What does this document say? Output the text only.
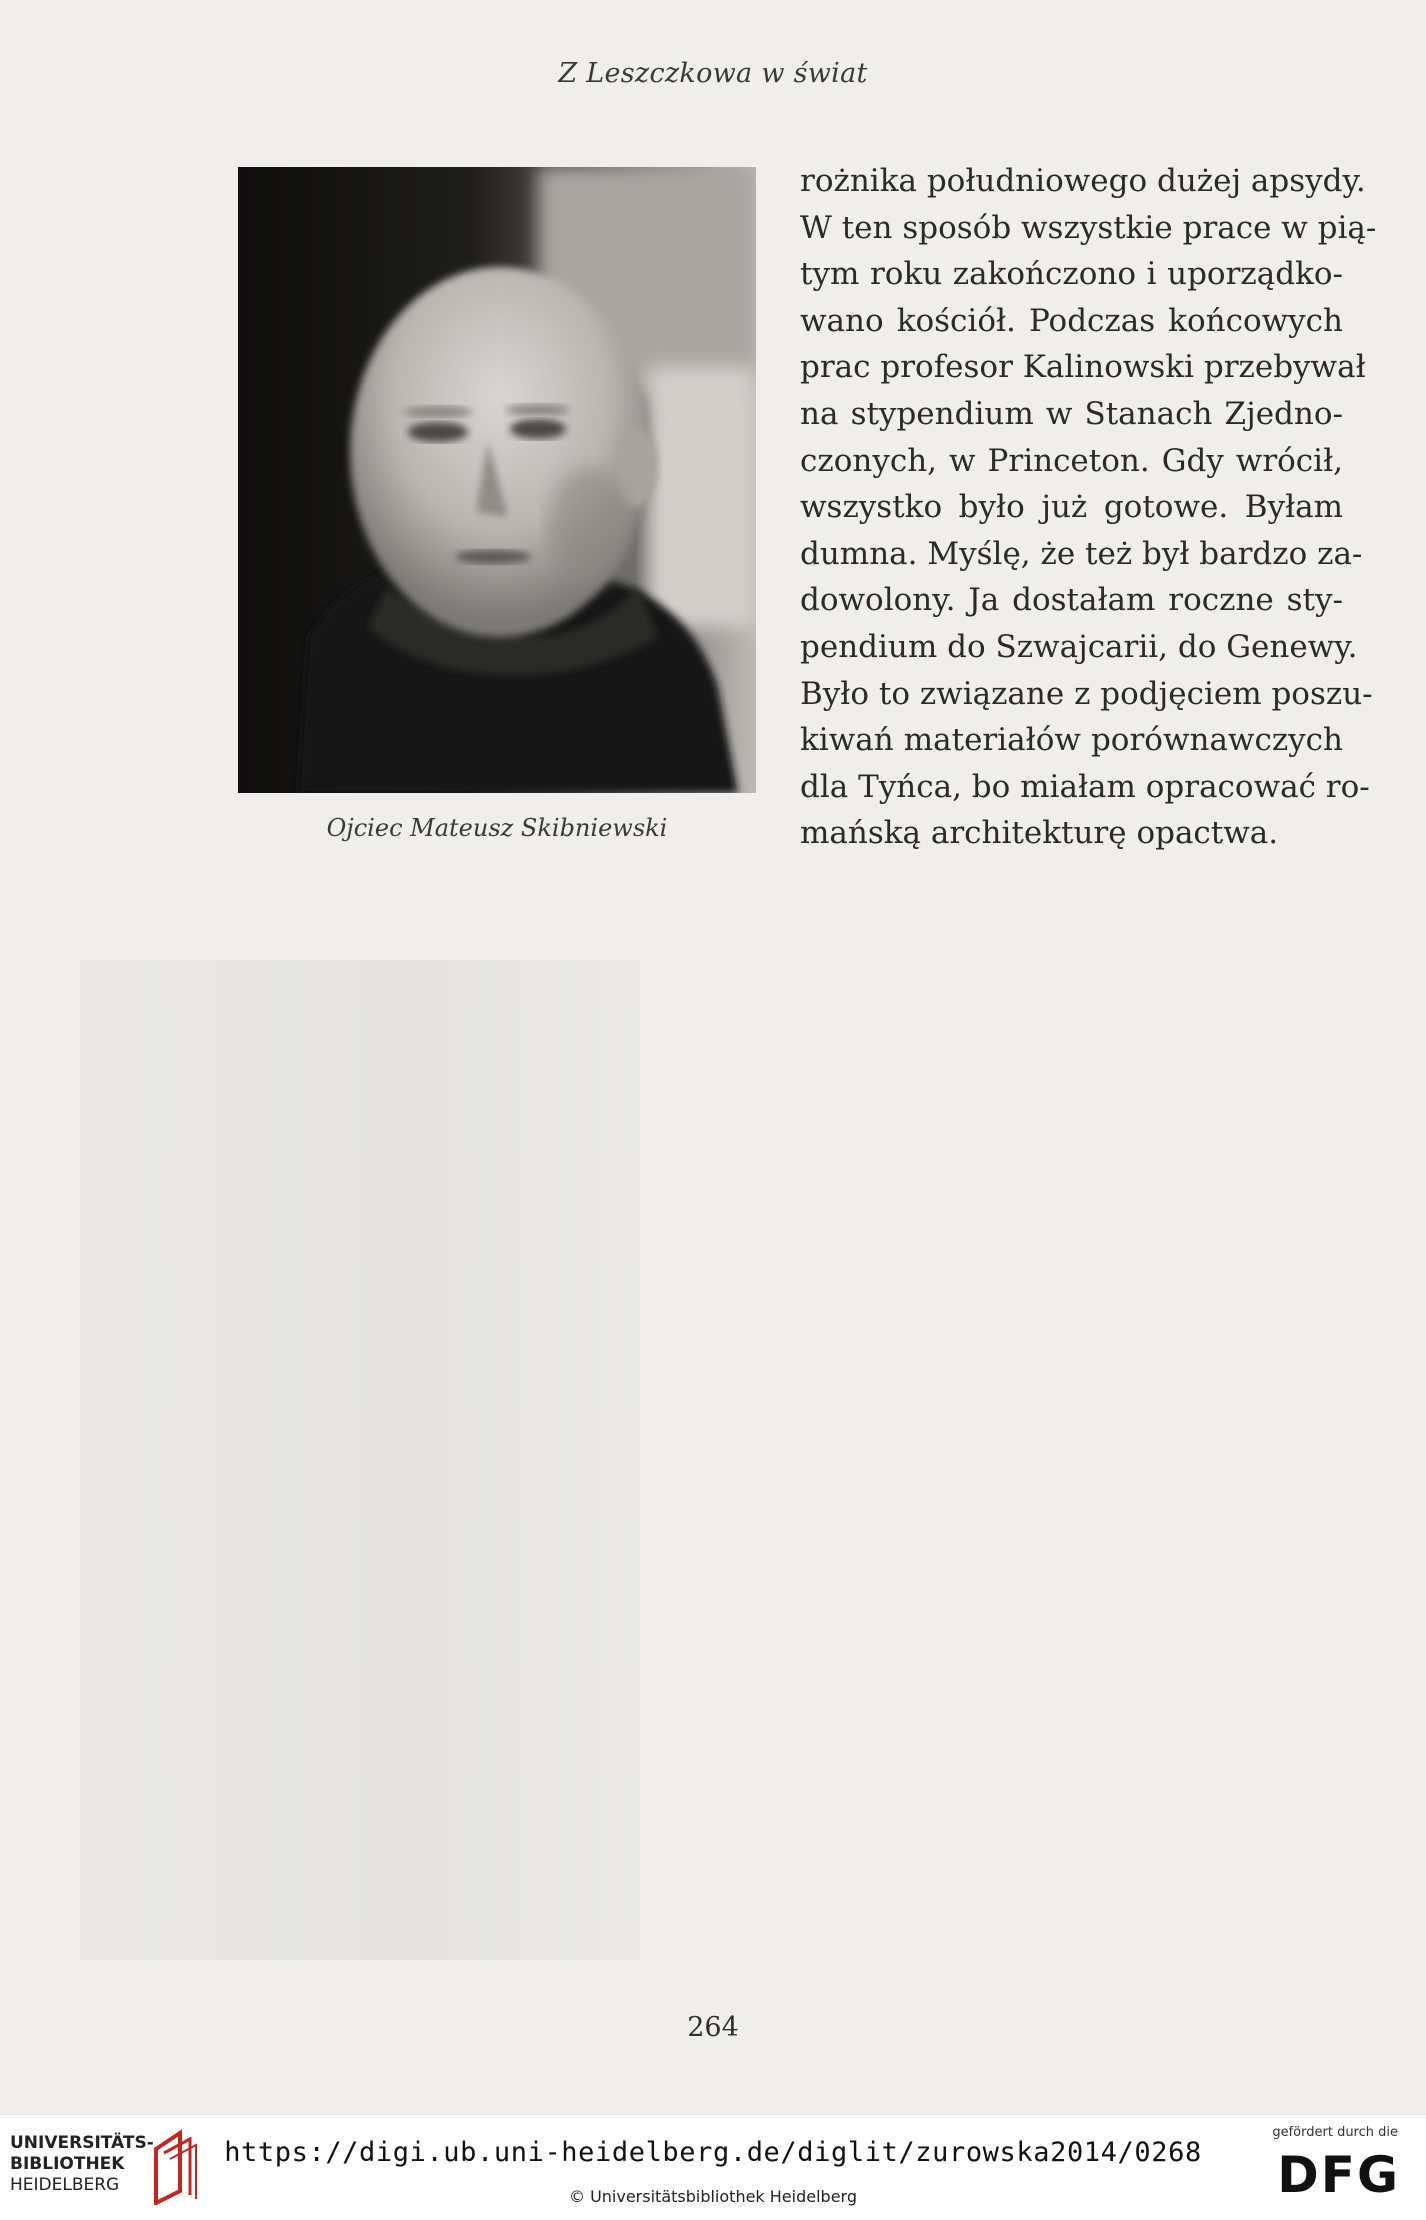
Z Leszczkowa w świat
Ojciec Mateusz Skibniewski
rożnika południowego dużej apsydy.
W ten sposób wszystkie prace w pią-
tym roku zakończono i uporządko-
wano kościół. Podczas końcowych
prac profesor Kalinowski przebywał
na stypendium w Stanach Zjedno-
czonych, w Princeton. Gdy wrócił,
wszystko było już gotowe. Byłam
dumna. Myślę, że też był bardzo za-
dowolony. Ja dostałam roczne sty-
pendium do Szwajcarii, do Genewy.
Było to związane z podjęciem poszu-
kiwań materiałów porównawczych
dla Tyńca, bo miałam opracować ro-
mańską architekturę opactwa.
264
UNIVERSITÄTS-
BIBLIOTHEK
HEIDELBERG
https://digi.ub.uni-heidelberg.de/diglit/zurowska2014/0268
© Universitätsbibliothek Heidelberg
gefördert durch die
DFG
